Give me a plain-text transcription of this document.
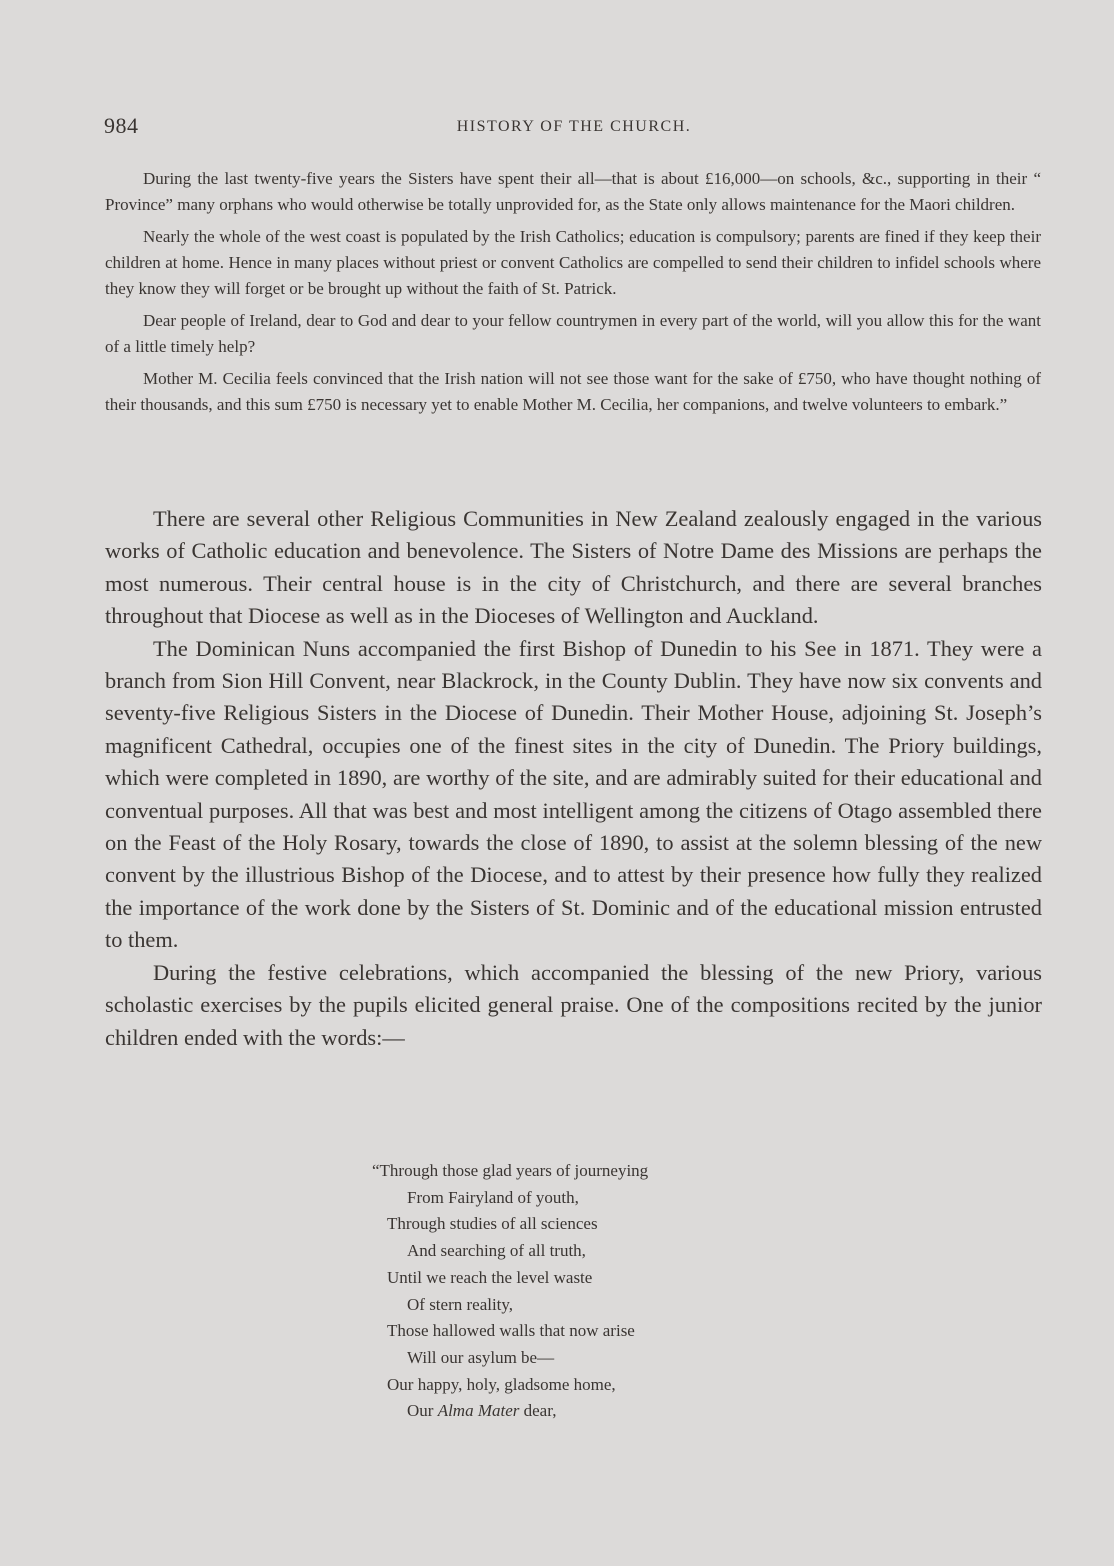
984	HISTORY OF THE CHURCH.

During the last twenty-five years the Sisters have spent their all—that is about £16,000—on schools, &c., supporting in their “ Province” many orphans who would otherwise be totally unprovided for, as the State only allows maintenance for the Maori children.

Nearly the whole of the west coast is populated by the Irish Catholics; education is compulsory; parents are fined if they keep their children at home. Hence in many places without priest or convent Catholics are compelled to send their children to infidel schools where they know they will forget or be brought up without the faith of St. Patrick.

Dear people of Ireland, dear to God and dear to your fellow countrymen in every part of the world, will you allow this for the want of a little timely help?

Mother M. Cecilia feels convinced that the Irish nation will not see those want for the sake of £750, who have thought nothing of their thousands, and this sum £750 is necessary yet to enable Mother M. Cecilia, her companions, and twelve volunteers to embark.”

There are several other Religious Communities in New Zealand zealously engaged in the various works of Catholic education and benevolence. The Sisters of Notre Dame des Missions are perhaps the most numerous. Their central house is in the city of Christchurch, and there are several branches throughout that Diocese as well as in the Dioceses of Wellington and Auckland.

The Dominican Nuns accompanied the first Bishop of Dunedin to his See in 1871. They were a branch from Sion Hill Convent, near Blackrock, in the County Dublin. They have now six convents and seventy-five Religious Sisters in the Diocese of Dunedin. Their Mother House, adjoining St. Joseph’s magnificent Cathedral, occupies one of the finest sites in the city of Dunedin. The Priory buildings, which were completed in 1890, are worthy of the site, and are admirably suited for their educational and conventual purposes. All that was best and most intelligent among the citizens of Otago assembled there on the Feast of the Holy Rosary, towards the close of 1890, to assist at the solemn blessing of the new convent by the illustrious Bishop of the Diocese, and to attest by their presence how fully they realized the importance of the work done by the Sisters of St. Dominic and of the educational mission entrusted to them.

During the festive celebrations, which accompanied the blessing of the new Priory, various scholastic exercises by the pupils elicited general praise. One of the compositions recited by the junior children ended with the words:—

“Through those glad years of journeying
From Fairyland of youth,
Through studies of all sciences
And searching of all truth,
Until we reach the level waste
Of stern reality,
Those hallowed walls that now arise
Will our asylum be—
Our happy, holy, gladsome home,
Our Alma Mater dear,
